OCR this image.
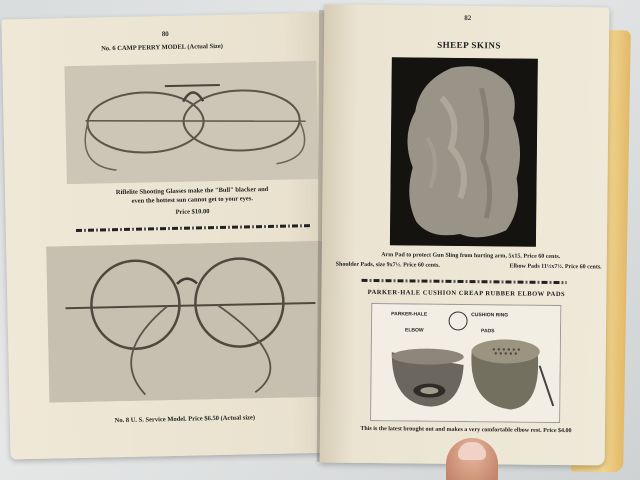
80
No. 6 CAMP PERRY MODEL (Actual Size)
Riflelite Shooting Glasses make the "Bull" blacker and
even the hottest sun cannot get to your eyes.
Price $10.00
No. 8 U. S. Service Model. Price $6.50 (Actual size)
82
SHEEP SKINS
Arm Pad to protect Gun Sling from hurting arm, 5x15. Price 60 cents.
Shoulder Pads, size 9x7½. Price 60 cents.	Elbow Pads 11½x7½. Price 60 cents.
PARKER-HALE CUSHION CREAP RUBBER ELBOW PADS
PARKER-HALE	CUSHION RING
ELBOW	PADS
This is the latest brought out and makes a very comfortable elbow rest. Price $4.00
